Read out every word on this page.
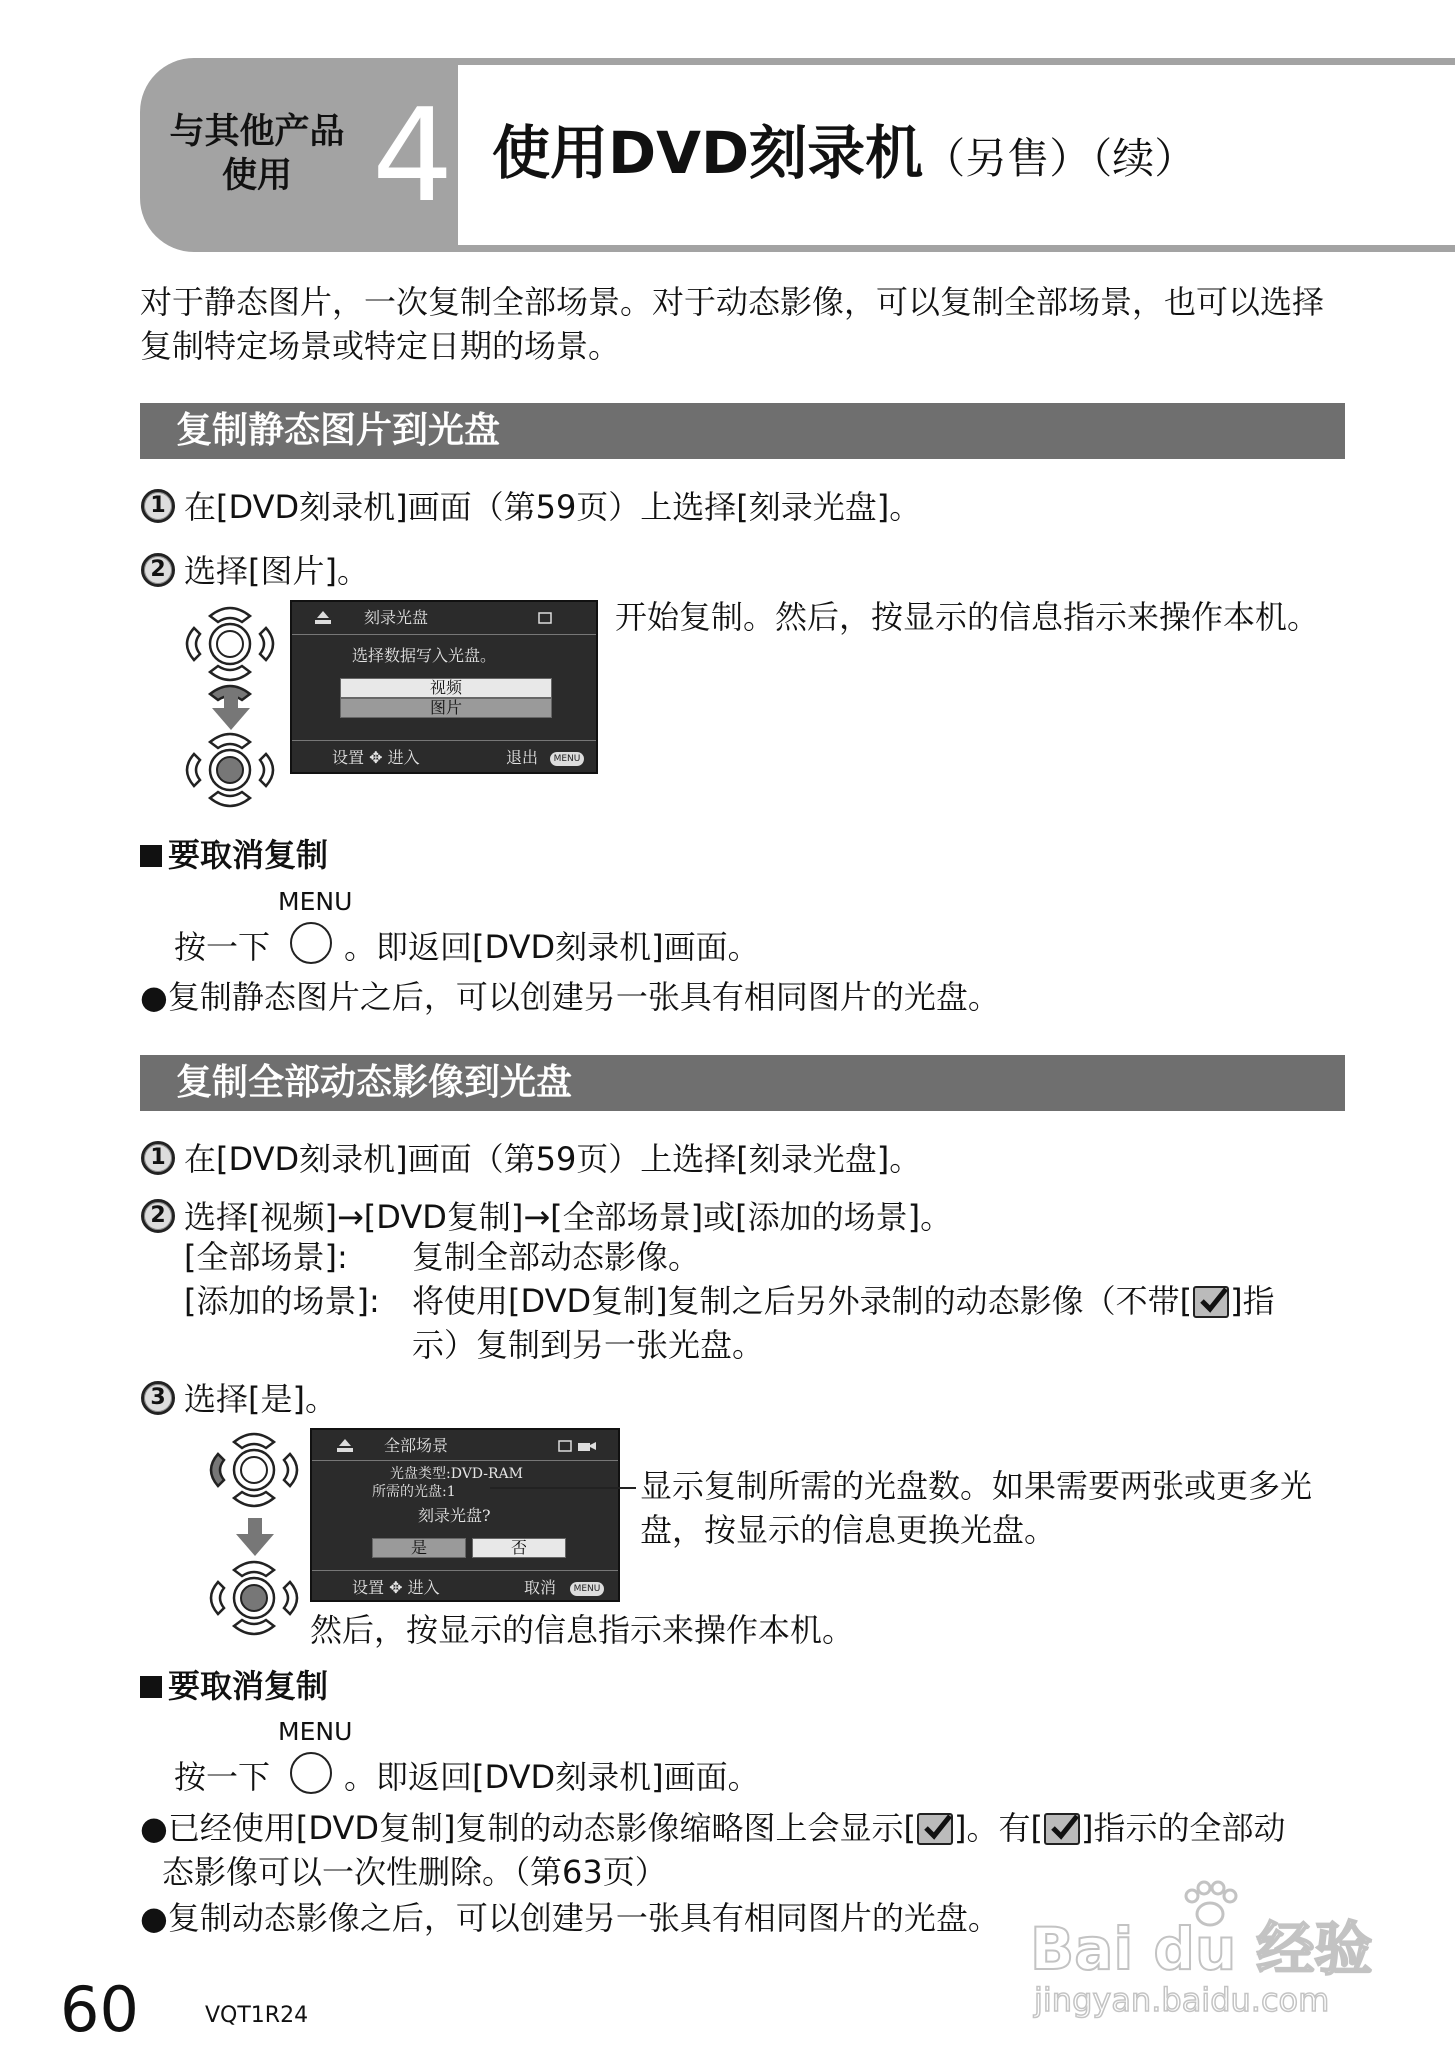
与其他产品
使用 4 使用DVD刻录机（另售）（续）
对于静态图片，一次复制全部场景。对于动态影像，可以复制全部场景，也可以选择
复制特定场景或特定日期的场景。
复制静态图片到光盘
1 在[DVD刻录机]画面（第59页）上选择[刻录光盘]。
2 选择[图片]。
刻录光盘
选择数据写入光盘。
视频
图片
设置 ✥ 进入	退出	MENU
开始复制。然后，按显示的信息指示来操作本机。
要取消复制
MENU
按一下 。即返回[DVD刻录机]画面。
●复制静态图片之后，可以创建另一张具有相同图片的光盘。
复制全部动态影像到光盘
1 在[DVD刻录机]画面（第59页）上选择[刻录光盘]。
2 选择[视频]→[DVD复制]→[全部场景]或[添加的场景]。
[全部场景]: 复制全部动态影像。
[添加的场景]: 将使用[DVD复制]复制之后另外录制的动态影像（不带[ ]指
示）复制到另一张光盘。
3 选择[是]。
全部场景
光盘类型:DVD-RAM
所需的光盘:1
刻录光盘?
是	否
设置 ✥ 进入	取消	MENU
显示复制所需的光盘数。如果需要两张或更多光
盘，按显示的信息更换光盘。
然后，按显示的信息指示来操作本机。
要取消复制
MENU
按一下 。即返回[DVD刻录机]画面。
●已经使用[DVD复制]复制的动态影像缩略图上会显示[ ]。有[ ]指示的全部动
态影像可以一次性删除。（第63页）
●复制动态影像之后，可以创建另一张具有相同图片的光盘。 Bai du 经验
jingyan.baidu.com
60	VQT1R24
